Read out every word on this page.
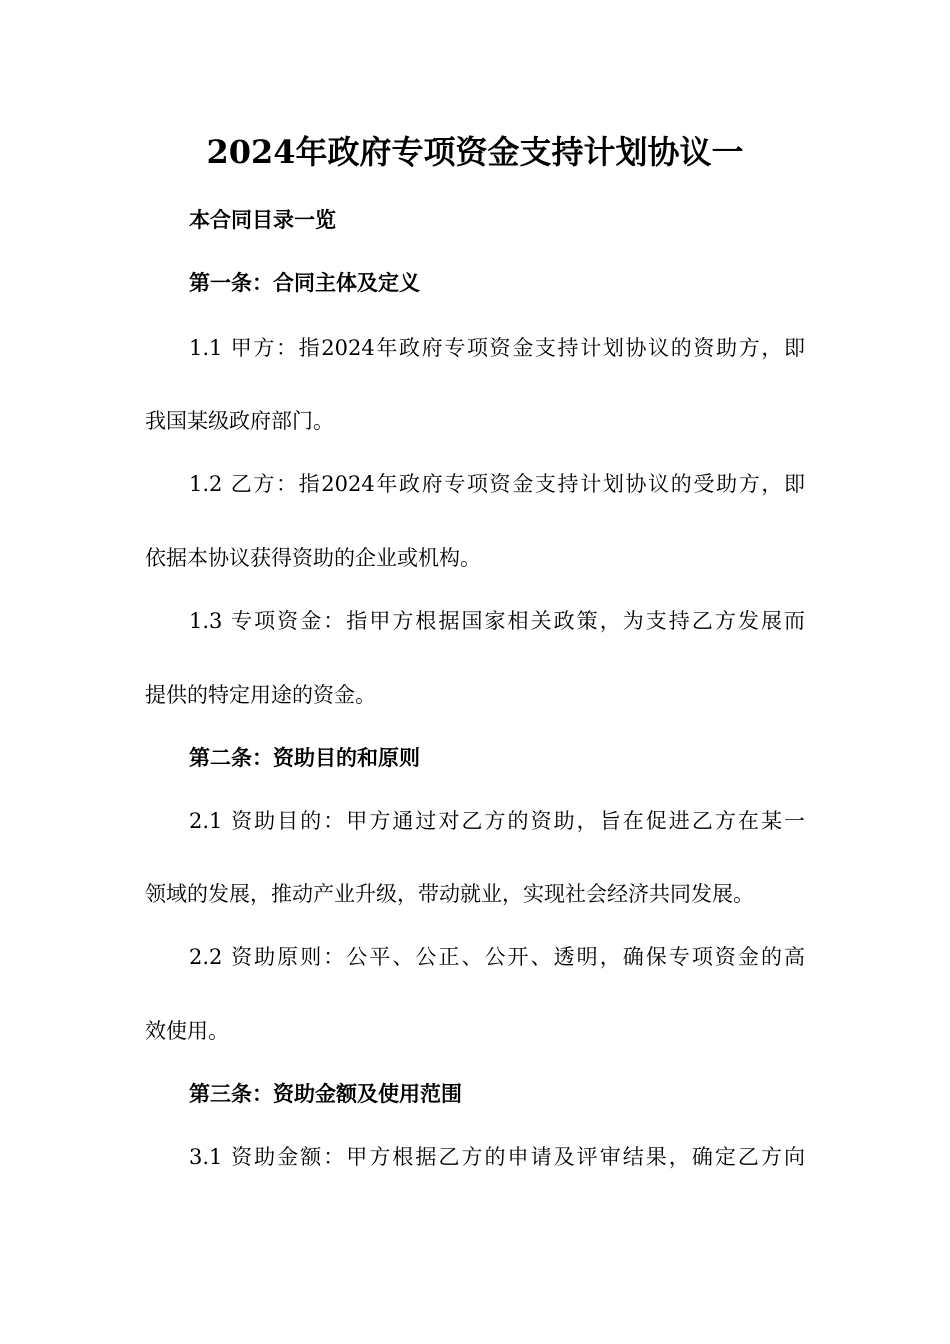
2024年政府专项资金支持计划协议一

本合同目录一览

第一条：合同主体及定义

1.1 甲方：指2024年政府专项资金支持计划协议的资助方，即

我国某级政府部门。

1.2 乙方：指2024年政府专项资金支持计划协议的受助方，即

依据本协议获得资助的企业或机构。

1.3 专项资金：指甲方根据国家相关政策，为支持乙方发展而

提供的特定用途的资金。

第二条：资助目的和原则

2.1 资助目的：甲方通过对乙方的资助，旨在促进乙方在某一

领域的发展，推动产业升级，带动就业，实现社会经济共同发展。

2.2 资助原则：公平、公正、公开、透明，确保专项资金的高

效使用。

第三条：资助金额及使用范围

3.1 资助金额：甲方根据乙方的申请及评审结果，确定乙方向
